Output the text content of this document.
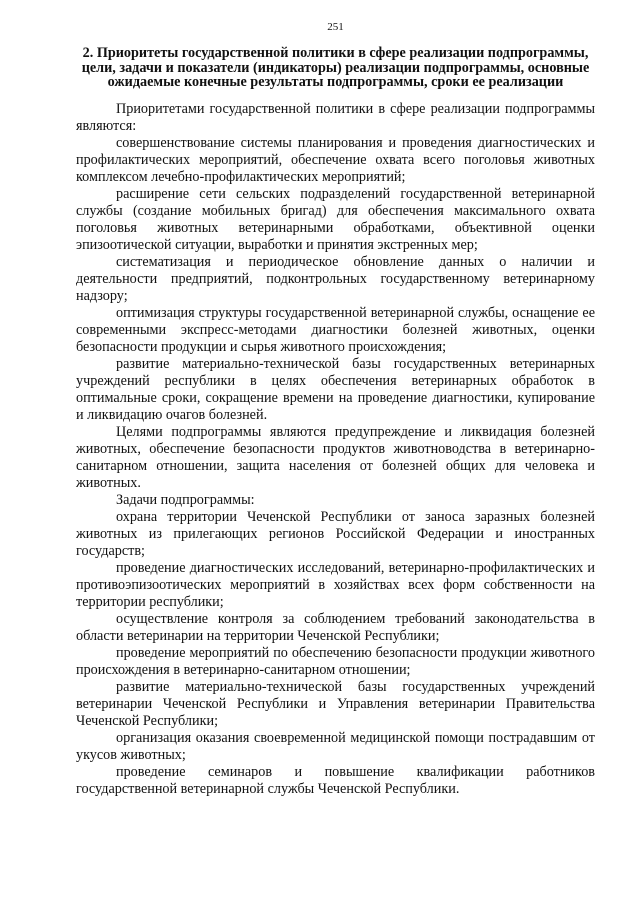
251
2. Приоритеты государственной политики в сфере реализации подпрограммы, цели, задачи и показатели (индикаторы) реализации подпрограммы, основные ожидаемые конечные результаты подпрограммы, сроки ее реализации

Приоритетами государственной политики в сфере реализации подпрограммы являются:

совершенствование системы планирования и проведения диагностических и профилактических мероприятий, обеспечение охвата всего поголовья животных комплексом лечебно-профилактических мероприятий;

расширение сети сельских подразделений государственной ветеринарной службы (создание мобильных бригад) для обеспечения максимального охвата поголовья животных ветеринарными обработками, объективной оценки эпизоотической ситуации, выработки и принятия экстренных мер;

систематизация и периодическое обновление данных о наличии и деятельности предприятий, подконтрольных государственному ветеринарному надзору;

оптимизация структуры государственной ветеринарной службы, оснащение ее современными экспресс-методами диагностики болезней животных, оценки безопасности продукции и сырья животного происхождения;

развитие материально-технической базы государственных ветеринарных учреждений республики в целях обеспечения ветеринарных обработок в оптимальные сроки, сокращение времени на проведение диагностики, купирование и ликвидацию очагов болезней.

Целями подпрограммы являются предупреждение и ликвидация болезней животных, обеспечение безопасности продуктов животноводства в ветеринарно-санитарном отношении, защита населения от болезней общих для человека и животных.

Задачи подпрограммы:

охрана территории Чеченской Республики от заноса заразных болезней животных из прилегающих регионов Российской Федерации и иностранных государств;

проведение диагностических исследований, ветеринарно-профилактических и противоэпизоотических мероприятий в хозяйствах всех форм собственности на территории республики;

осуществление контроля за соблюдением требований законодательства в области ветеринарии на территории Чеченской Республики;

проведение мероприятий по обеспечению безопасности продукции животного происхождения в ветеринарно-санитарном отношении;

развитие материально-технической базы государственных учреждений ветеринарии Чеченской Республики и Управления ветеринарии Правительства Чеченской Республики;

организация оказания своевременной медицинской помощи пострадавшим от укусов животных;

проведение семинаров и повышение квалификации работников государственной ветеринарной службы Чеченской Республики.
